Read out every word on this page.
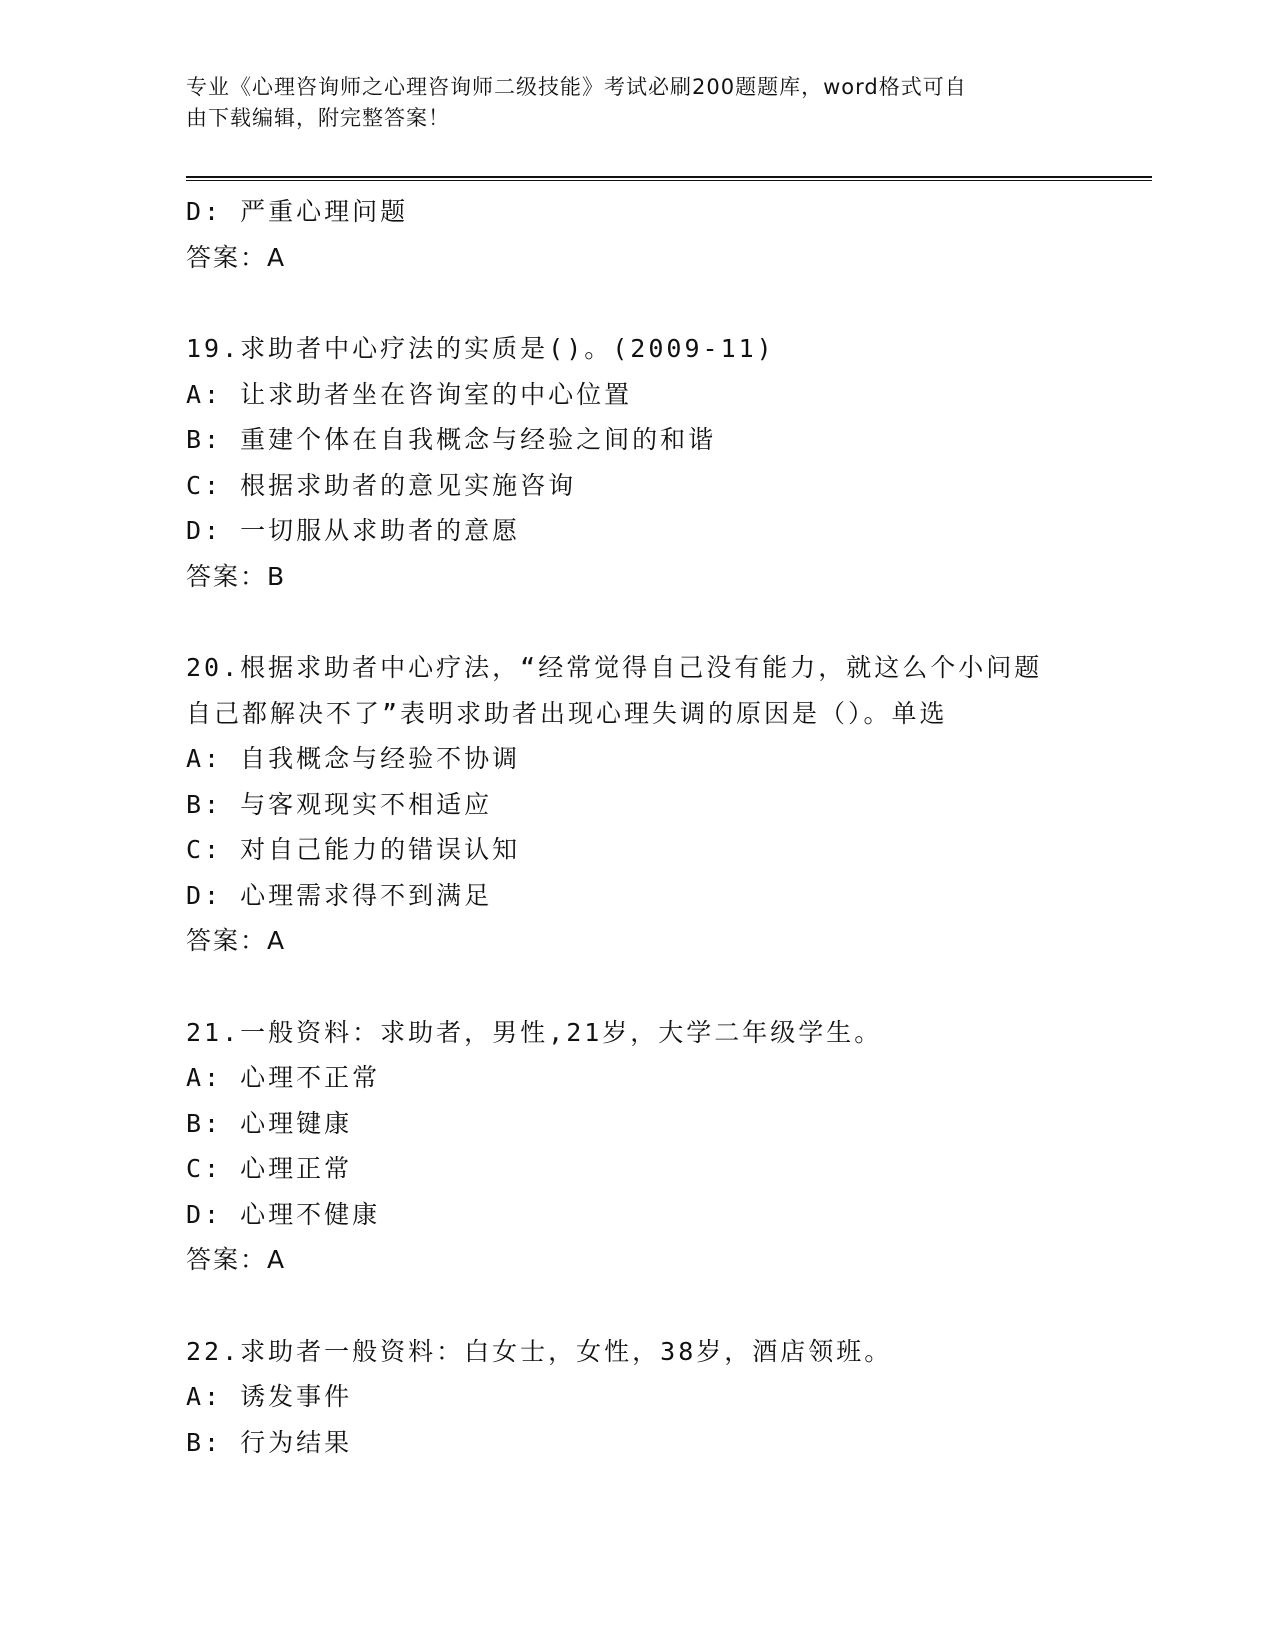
专业《心理咨询师之心理咨询师二级技能》考试必刷200题题库，word格式可自
由下载编辑，附完整答案！
D: 严重心理问题
答案：A
19.求助者中心疗法的实质是()。(2009-11)
A: 让求助者坐在咨询室的中心位置
B: 重建个体在自我概念与经验之间的和谐
C: 根据求助者的意见实施咨询
D: 一切服从求助者的意愿
答案：B
20.根据求助者中心疗法，“经常觉得自己没有能力，就这么个小问题
自己都解决不了”表明求助者出现心理失调的原因是（）。单选
A: 自我概念与经验不协调
B: 与客观现实不相适应
C: 对自己能力的错误认知
D: 心理需求得不到满足
答案：A
21.一般资料：求助者，男性,21岁，大学二年级学生。
A: 心理不正常
B: 心理键康
C: 心理正常
D: 心理不健康
答案：A
22.求助者一般资料：白女士，女性，38岁，酒店领班。
A: 诱发事件
B: 行为结果
